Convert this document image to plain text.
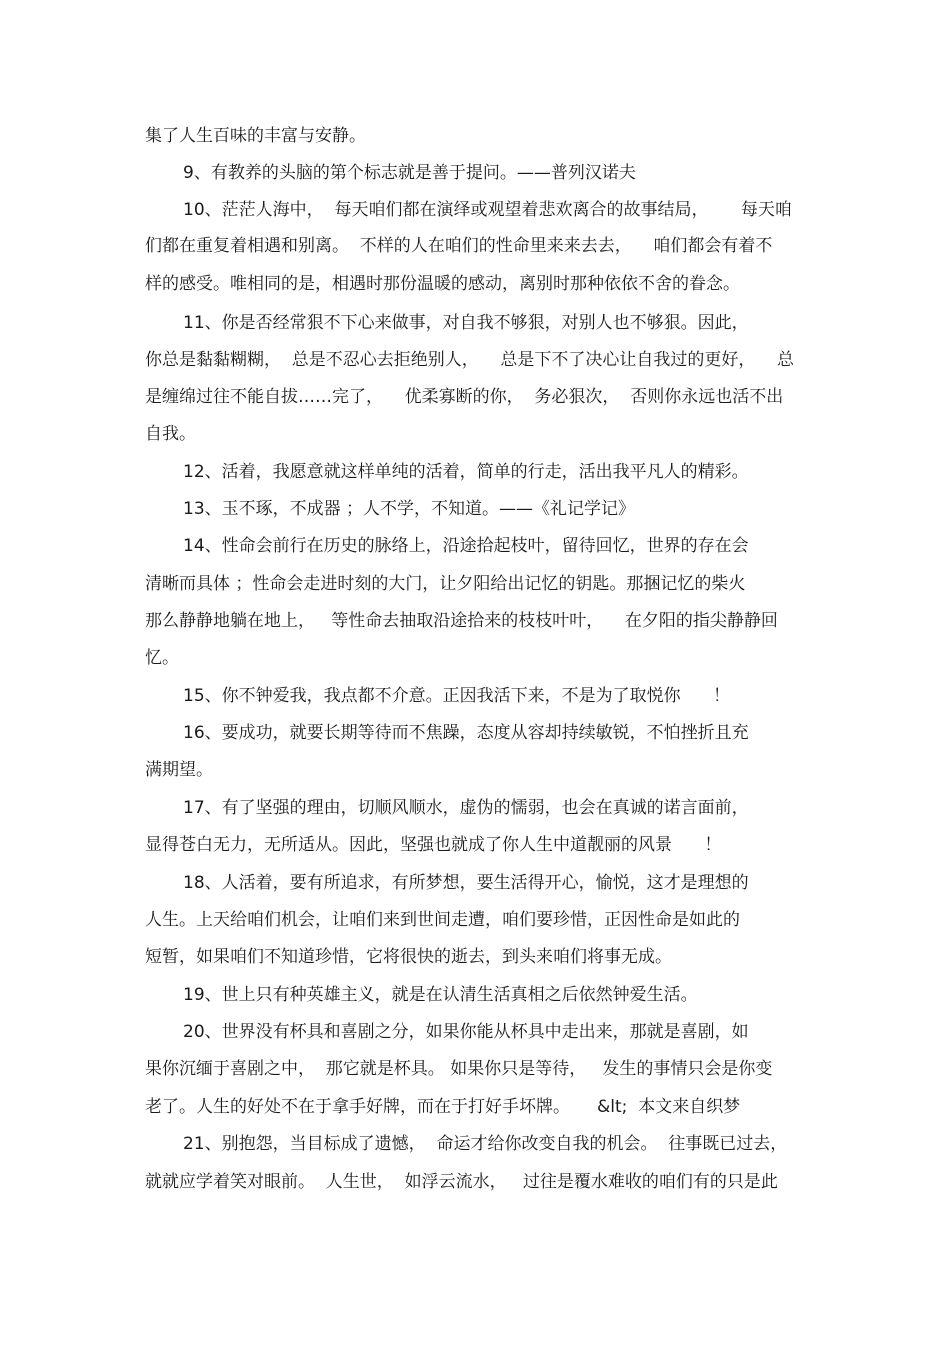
集了人生百味的丰富与安静。
9、有教养的头脑的第个标志就是善于提问。——普列汉诺夫
10、茫茫人海中，  每天咱们都在演绎或观望着悲欢离合的故事结局，      每天咱
们都在重复着相遇和别离。  不样的人在咱们的性命里来来去去，    咱们都会有着不
样的感受。唯相同的是，相遇时那份温暖的感动，离别时那种依依不舍的眷念。
11、你是否经常狠不下心来做事，对自我不够狠，对别人也不够狠。因此，
你总是黏黏糊糊，  总是不忍心去拒绝别人，    总是下不了决心让自我过的更好，    总
是缠绵过往不能自拔……完了，    优柔寡断的你，  务必狠次，  否则你永远也活不出
自我。
12、活着，我愿意就这样单纯的活着，简单的行走，活出我平凡人的精彩。
13、玉不琢，不成器 ；人不学，不知道。——《礼记学记》
14、性命会前行在历史的脉络上，沿途拾起枝叶，留待回忆，世界的存在会
清晰而具体 ；性命会走进时刻的大门，让夕阳给出记忆的钥匙。那捆记忆的柴火
那么静静地躺在地上，   等性命去抽取沿途拾来的枝枝叶叶，    在夕阳的指尖静静回
忆。
15、你不钟爱我，我点都不介意。正因我活下来，不是为了取悦你      ！
16、要成功，就要长期等待而不焦躁，态度从容却持续敏锐，不怕挫折且充
满期望。
17、有了坚强的理由，切顺风顺水，虚伪的懦弱，也会在真诚的诺言面前，
显得苍白无力，无所适从。因此，坚强也就成了你人生中道靓丽的风景      ！
18、人活着，要有所追求，有所梦想，要生活得开心，愉悦，这才是理想的
人生。上天给咱们机会，让咱们来到世间走遭，咱们要珍惜，正因性命是如此的
短暂，如果咱们不知道珍惜，它将很快的逝去，到头来咱们将事无成。
19、世上只有种英雄主义，就是在认清生活真相之后依然钟爱生活。
20、世界没有杯具和喜剧之分，如果你能从杯具中走出来，那就是喜剧，如
果你沉缅于喜剧之中，  那它就是杯具。 如果你只是等待，   发生的事情只会是你变
老了。人生的好处不在于拿手好牌，而在于打好手坏牌。     &lt;  本文来自织梦
21、别抱怨，当目标成了遗憾，  命运才给你改变自我的机会。  往事既已过去，
就就应学着笑对眼前。  人生世，  如浮云流水，   过往是覆水难收的咱们有的只是此
